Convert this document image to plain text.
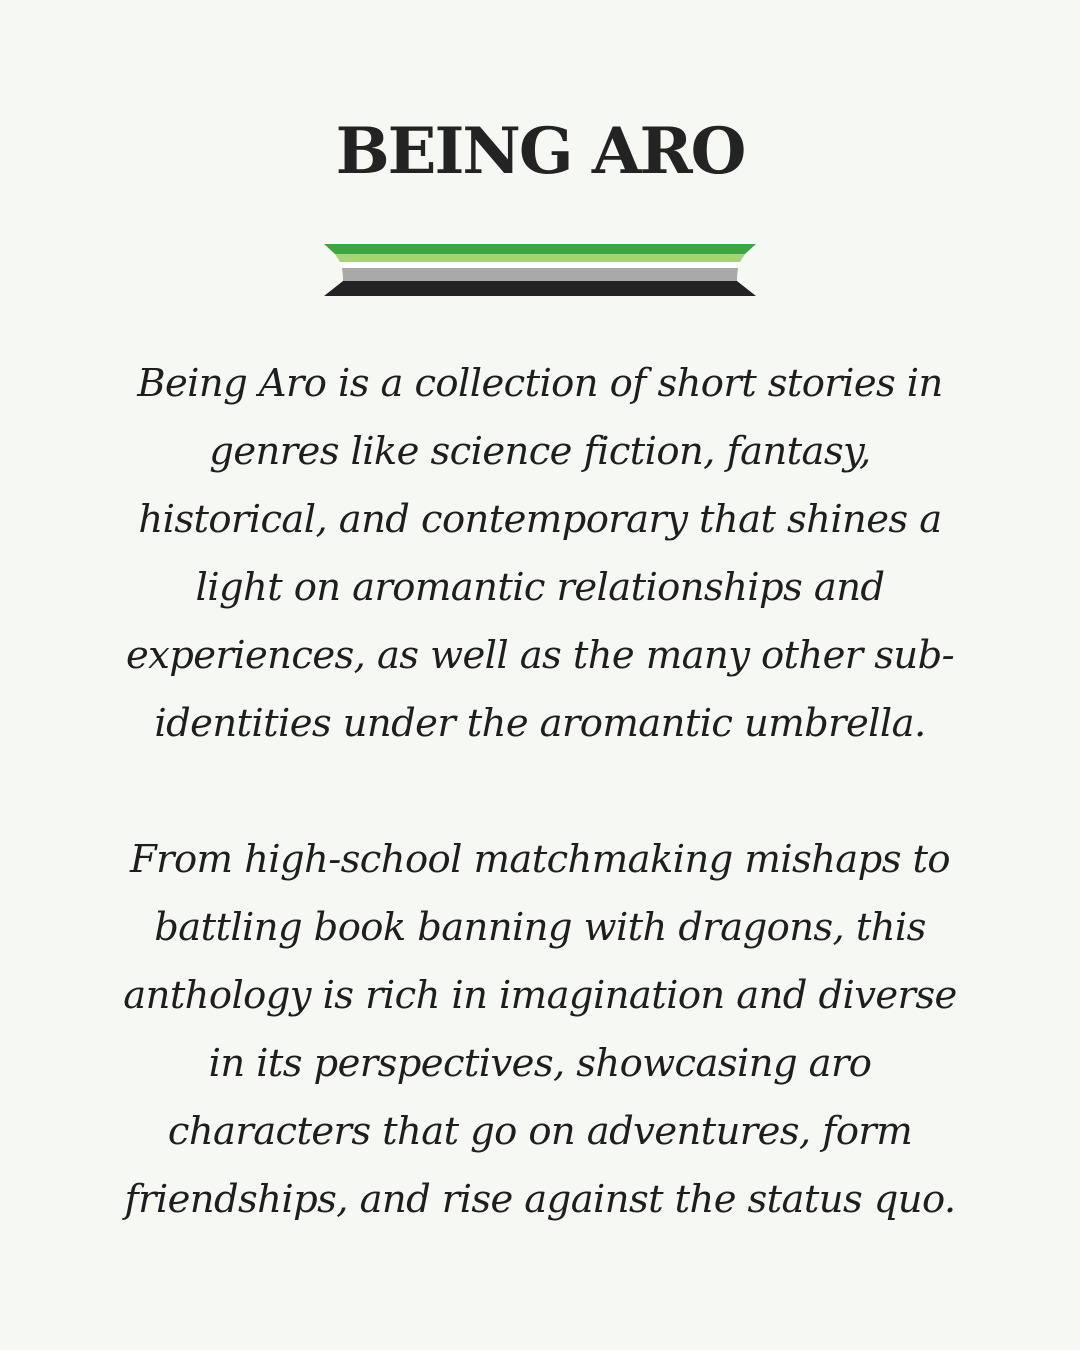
BEING ARO

Being Aro is a collection of short stories in
genres like science fiction, fantasy,
historical, and contemporary that shines a
light on aromantic relationships and
experiences, as well as the many other sub-
identities under the aromantic umbrella.

From high-school matchmaking mishaps to
battling book banning with dragons, this
anthology is rich in imagination and diverse
in its perspectives, showcasing aro
characters that go on adventures, form
friendships, and rise against the status quo.
